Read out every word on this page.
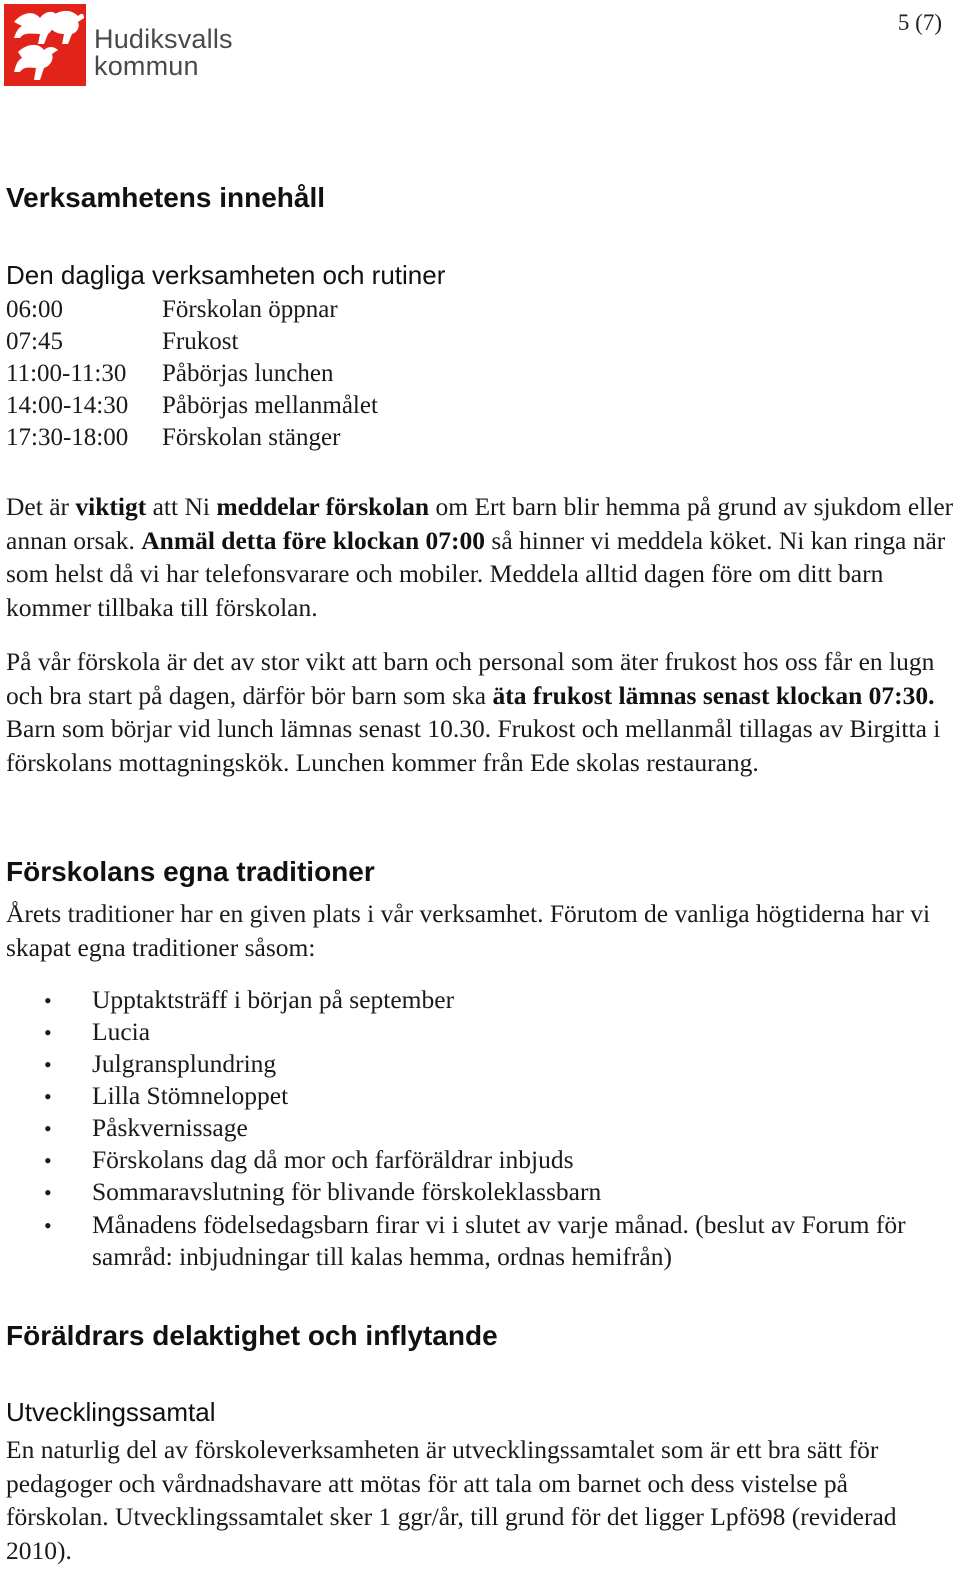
Hudiksvalls
kommun
5 (7)
Verksamhetens innehåll
Den dagliga verksamheten och rutiner
06:00	Förskolan öppnar
07:45	Frukost
11:00-11:30 Påbörjas lunchen
14:00-14:30 Påbörjas mellanmålet
17:30-18:00 Förskolan stänger
Det är viktigt att Ni meddelar förskolan om Ert barn blir hemma på grund av sjukdom eller annan orsak. Anmäl detta före klockan 07:00 så hinner vi meddela köket. Ni kan ringa när som helst då vi har telefonsvarare och mobiler. Meddela alltid dagen före om ditt barn kommer tillbaka till förskolan.
På vår förskola är det av stor vikt att barn och personal som äter frukost hos oss får en lugn och bra start på dagen, därför bör barn som ska äta frukost lämnas senast klockan 07:30. Barn som börjar vid lunch lämnas senast 10.30. Frukost och mellanmål tillagas av Birgitta i förskolans mottagningskök. Lunchen kommer från Ede skolas restaurang.
Förskolans egna traditioner
Årets traditioner har en given plats i vår verksamhet. Förutom de vanliga högtiderna har vi skapat egna traditioner såsom:
• Upptaktsträff i början på september
• Lucia
• Julgransplundring
• Lilla Stömneloppet
• Påskvernissage
• Förskolans dag då mor och farföräldrar inbjuds
• Sommaravslutning för blivande förskoleklassbarn
• Månadens födelsedagsbarn firar vi i slutet av varje månad. (beslut av Forum för samråd: inbjudningar till kalas hemma, ordnas hemifrån)
Föräldrars delaktighet och inflytande
Utvecklingssamtal
En naturlig del av förskoleverksamheten är utvecklingssamtalet som är ett bra sätt för pedagoger och vårdnadshavare att mötas för att tala om barnet och dess vistelse på förskolan. Utvecklingssamtalet sker 1 ggr/år, till grund för det ligger Lpfö98 (reviderad 2010).
